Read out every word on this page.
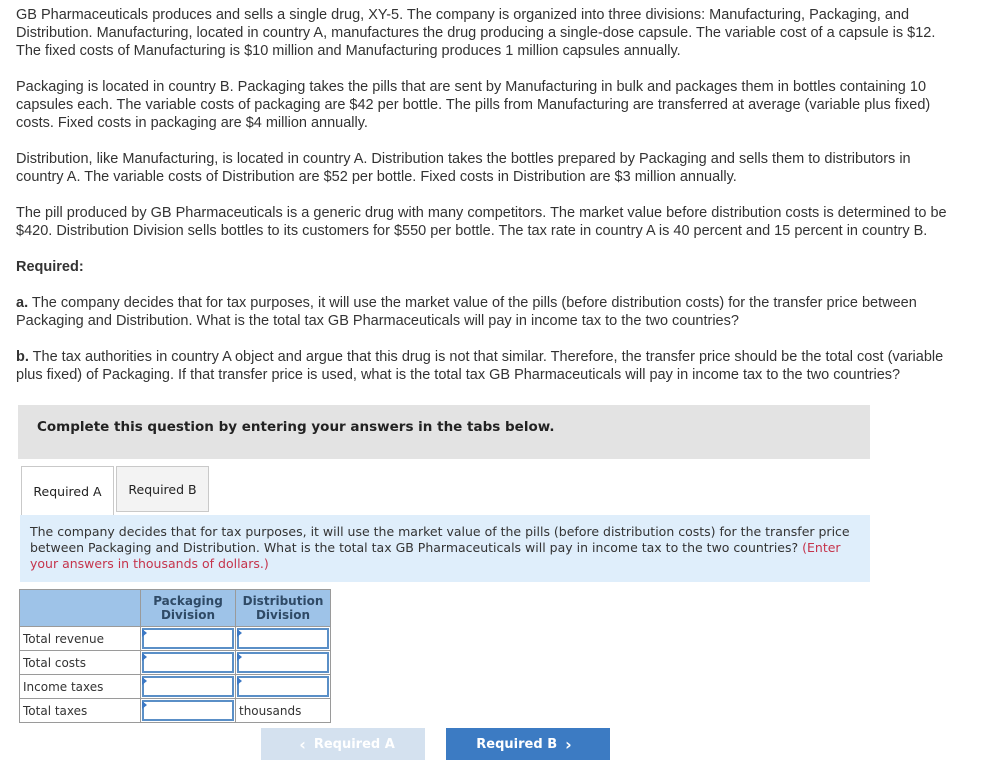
GB Pharmaceuticals produces and sells a single drug, XY-5. The company is organized into three divisions: Manufacturing, Packaging, and Distribution. Manufacturing, located in country A, manufactures the drug producing a single-dose capsule. The variable cost of a capsule is $12. The fixed costs of Manufacturing is $10 million and Manufacturing produces 1 million capsules annually.

Packaging is located in country B. Packaging takes the pills that are sent by Manufacturing in bulk and packages them in bottles containing 10 capsules each. The variable costs of packaging are $42 per bottle. The pills from Manufacturing are transferred at average (variable plus fixed) costs. Fixed costs in packaging are $4 million annually.

Distribution, like Manufacturing, is located in country A. Distribution takes the bottles prepared by Packaging and sells them to distributors in country A. The variable costs of Distribution are $52 per bottle. Fixed costs in Distribution are $3 million annually.

The pill produced by GB Pharmaceuticals is a generic drug with many competitors. The market value before distribution costs is determined to be $420. Distribution Division sells bottles to its customers for $550 per bottle. The tax rate in country A is 40 percent and 15 percent in country B.

Required:

a. The company decides that for tax purposes, it will use the market value of the pills (before distribution costs) for the transfer price between Packaging and Distribution. What is the total tax GB Pharmaceuticals will pay in income tax to the two countries?

b. The tax authorities in country A object and argue that this drug is not that similar. Therefore, the transfer price should be the total cost (variable plus fixed) of Packaging. If that transfer price is used, what is the total tax GB Pharmaceuticals will pay in income tax to the two countries?

Complete this question by entering your answers in the tabs below.
Required A Required B
The company decides that for tax purposes, it will use the market value of the pills (before distribution costs) for the transfer price between Packaging and Distribution. What is the total tax GB Pharmaceuticals will pay in income tax to the two countries? (Enter your answers in thousands of dollars.)
	Packaging Division	Distribution Division
Total revenue	

Total costs	

Income taxes	

Total taxes		thousands
‹ Required A	Required B ›
